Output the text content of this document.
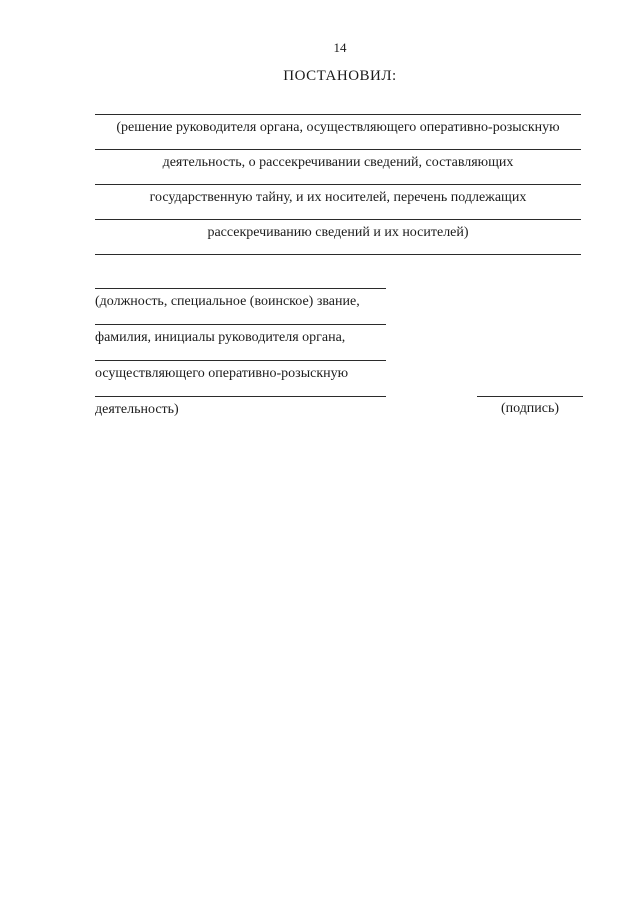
14
ПОСТАНОВИЛ:
(решение руководителя органа, осуществляющего оперативно-розыскную
деятельность, о рассекречивании сведений, составляющих
государственную тайну, и их носителей, перечень подлежащих
рассекречиванию сведений и их носителей)
(должность, специальное (воинское) звание,
фамилия, инициалы руководителя органа,
осуществляющего оперативно-розыскную
деятельность)	(подпись)
